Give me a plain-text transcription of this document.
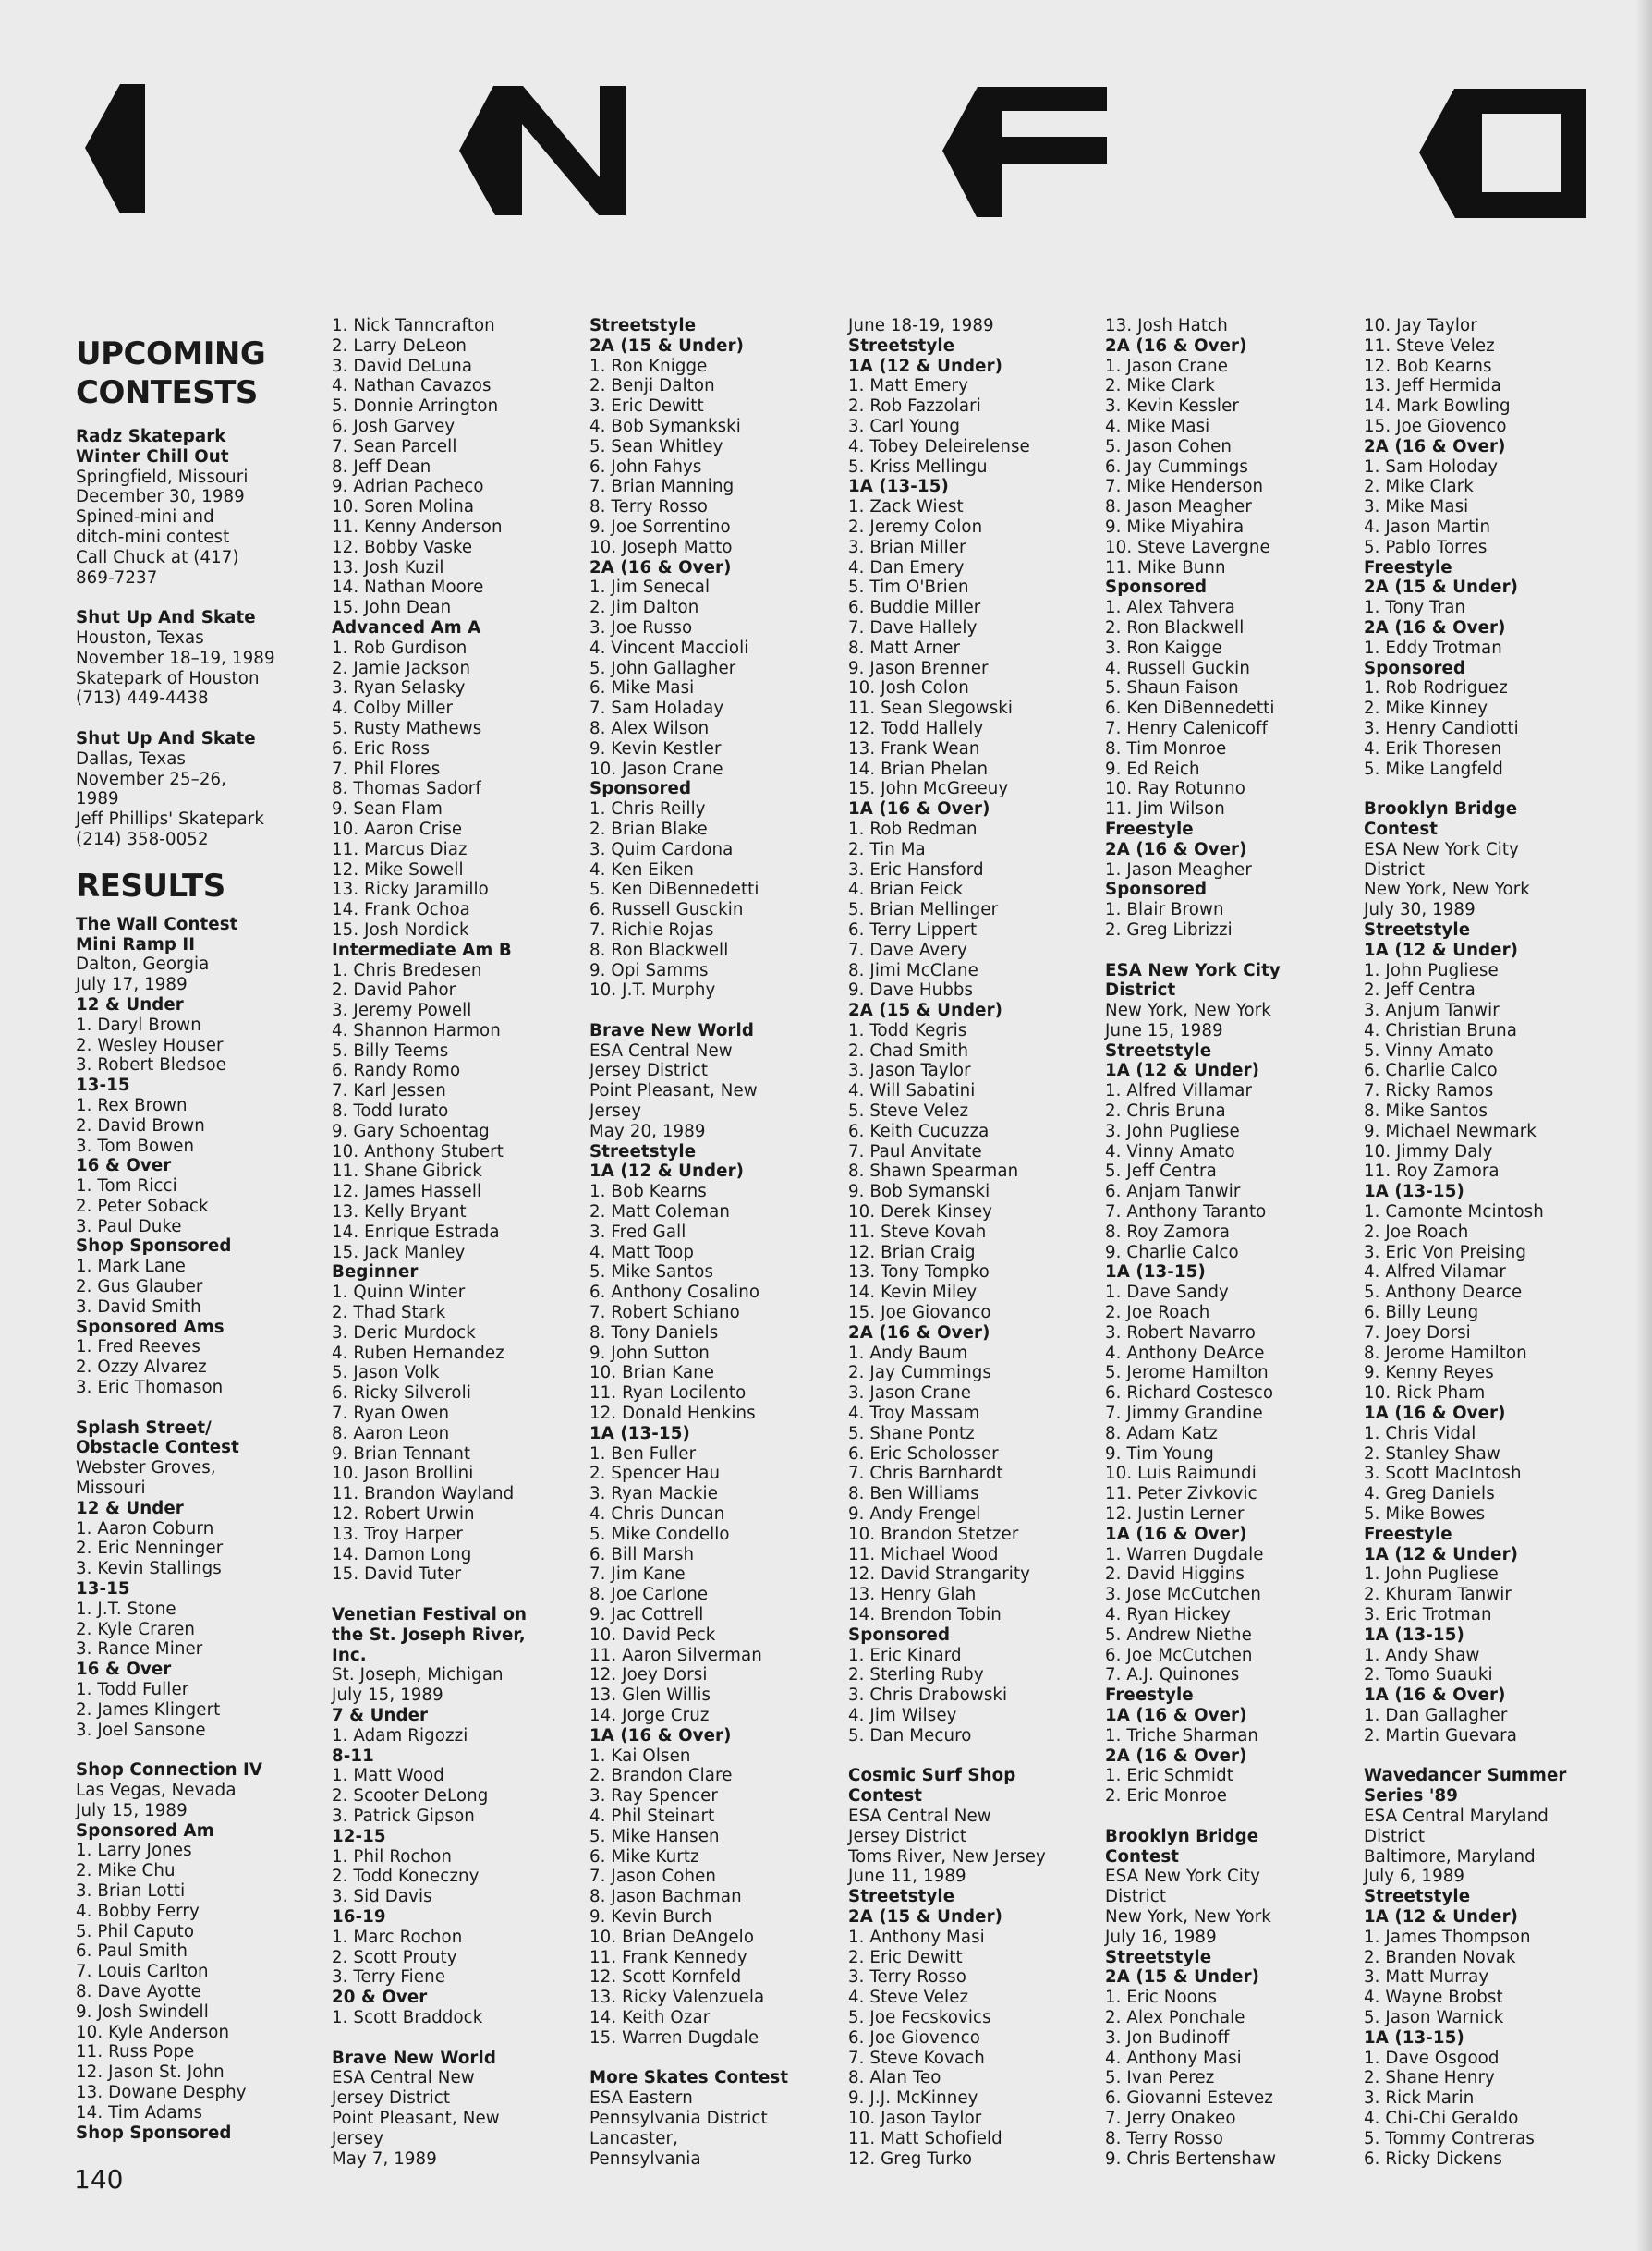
UPCOMING
CONTESTS
Radz Skatepark
Winter Chill Out
Springfield, Missouri
December 30, 1989
Spined-mini and
ditch-mini contest
Call Chuck at (417)
869-7237
Shut Up And Skate
Houston, Texas
November 18–19, 1989
Skatepark of Houston
(713) 449-4438
Shut Up And Skate
Dallas, Texas
November 25–26,
1989
Jeff Phillips' Skatepark
(214) 358-0052
RESULTS
The Wall Contest
Mini Ramp II
Dalton, Georgia
July 17, 1989
12 & Under
1. Daryl Brown
2. Wesley Houser
3. Robert Bledsoe
13-15
1. Rex Brown
2. David Brown
3. Tom Bowen
16 & Over
1. Tom Ricci
2. Peter Soback
3. Paul Duke
Shop Sponsored
1. Mark Lane
2. Gus Glauber
3. David Smith
Sponsored Ams
1. Fred Reeves
2. Ozzy Alvarez
3. Eric Thomason
Splash Street/
Obstacle Contest
Webster Groves,
Missouri
12 & Under
1. Aaron Coburn
2. Eric Nenninger
3. Kevin Stallings
13-15
1. J.T. Stone
2. Kyle Craren
3. Rance Miner
16 & Over
1. Todd Fuller
2. James Klingert
3. Joel Sansone
Shop Connection IV
Las Vegas, Nevada
July 15, 1989
Sponsored Am
1. Larry Jones
2. Mike Chu
3. Brian Lotti
4. Bobby Ferry
5. Phil Caputo
6. Paul Smith
7. Louis Carlton
8. Dave Ayotte
9. Josh Swindell
10. Kyle Anderson
11. Russ Pope
12. Jason St. John
13. Dowane Desphy
14. Tim Adams
Shop Sponsored
1. Nick Tanncrafton
2. Larry DeLeon
3. David DeLuna
4. Nathan Cavazos
5. Donnie Arrington
6. Josh Garvey
7. Sean Parcell
8. Jeff Dean
9. Adrian Pacheco
10. Soren Molina
11. Kenny Anderson
12. Bobby Vaske
13. Josh Kuzil
14. Nathan Moore
15. John Dean
Advanced Am A
1. Rob Gurdison
2. Jamie Jackson
3. Ryan Selasky
4. Colby Miller
5. Rusty Mathews
6. Eric Ross
7. Phil Flores
8. Thomas Sadorf
9. Sean Flam
10. Aaron Crise
11. Marcus Diaz
12. Mike Sowell
13. Ricky Jaramillo
14. Frank Ochoa
15. Josh Nordick
Intermediate Am B
1. Chris Bredesen
2. David Pahor
3. Jeremy Powell
4. Shannon Harmon
5. Billy Teems
6. Randy Romo
7. Karl Jessen
8. Todd Iurato
9. Gary Schoentag
10. Anthony Stubert
11. Shane Gibrick
12. James Hassell
13. Kelly Bryant
14. Enrique Estrada
15. Jack Manley
Beginner
1. Quinn Winter
2. Thad Stark
3. Deric Murdock
4. Ruben Hernandez
5. Jason Volk
6. Ricky Silveroli
7. Ryan Owen
8. Aaron Leon
9. Brian Tennant
10. Jason Brollini
11. Brandon Wayland
12. Robert Urwin
13. Troy Harper
14. Damon Long
15. David Tuter
Venetian Festival on
the St. Joseph River,
Inc.
St. Joseph, Michigan
July 15, 1989
7 & Under
1. Adam Rigozzi
8-11
1. Matt Wood
2. Scooter DeLong
3. Patrick Gipson
12-15
1. Phil Rochon
2. Todd Koneczny
3. Sid Davis
16-19
1. Marc Rochon
2. Scott Prouty
3. Terry Fiene
20 & Over
1. Scott Braddock
Brave New World
ESA Central New
Jersey District
Point Pleasant, New
Jersey
May 7, 1989
Streetstyle
2A (15 & Under)
1. Ron Knigge
2. Benji Dalton
3. Eric Dewitt
4. Bob Symankski
5. Sean Whitley
6. John Fahys
7. Brian Manning
8. Terry Rosso
9. Joe Sorrentino
10. Joseph Matto
2A (16 & Over)
1. Jim Senecal
2. Jim Dalton
3. Joe Russo
4. Vincent Maccioli
5. John Gallagher
6. Mike Masi
7. Sam Holaday
8. Alex Wilson
9. Kevin Kestler
10. Jason Crane
Sponsored
1. Chris Reilly
2. Brian Blake
3. Quim Cardona
4. Ken Eiken
5. Ken DiBennedetti
6. Russell Gusckin
7. Richie Rojas
8. Ron Blackwell
9. Opi Samms
10. J.T. Murphy
Brave New World
ESA Central New
Jersey District
Point Pleasant, New
Jersey
May 20, 1989
Streetstyle
1A (12 & Under)
1. Bob Kearns
2. Matt Coleman
3. Fred Gall
4. Matt Toop
5. Mike Santos
6. Anthony Cosalino
7. Robert Schiano
8. Tony Daniels
9. John Sutton
10. Brian Kane
11. Ryan Locilento
12. Donald Henkins
1A (13-15)
1. Ben Fuller
2. Spencer Hau
3. Ryan Mackie
4. Chris Duncan
5. Mike Condello
6. Bill Marsh
7. Jim Kane
8. Joe Carlone
9. Jac Cottrell
10. David Peck
11. Aaron Silverman
12. Joey Dorsi
13. Glen Willis
14. Jorge Cruz
1A (16 & Over)
1. Kai Olsen
2. Brandon Clare
3. Ray Spencer
4. Phil Steinart
5. Mike Hansen
6. Mike Kurtz
7. Jason Cohen
8. Jason Bachman
9. Kevin Burch
10. Brian DeAngelo
11. Frank Kennedy
12. Scott Kornfeld
13. Ricky Valenzuela
14. Keith Ozar
15. Warren Dugdale
More Skates Contest
ESA Eastern
Pennsylvania District
Lancaster,
Pennsylvania
June 18-19, 1989
Streetstyle
1A (12 & Under)
1. Matt Emery
2. Rob Fazzolari
3. Carl Young
4. Tobey Deleirelense
5. Kriss Mellingu
1A (13-15)
1. Zack Wiest
2. Jeremy Colon
3. Brian Miller
4. Dan Emery
5. Tim O'Brien
6. Buddie Miller
7. Dave Hallely
8. Matt Arner
9. Jason Brenner
10. Josh Colon
11. Sean Slegowski
12. Todd Hallely
13. Frank Wean
14. Brian Phelan
15. John McGreeuy
1A (16 & Over)
1. Rob Redman
2. Tin Ma
3. Eric Hansford
4. Brian Feick
5. Brian Mellinger
6. Terry Lippert
7. Dave Avery
8. Jimi McClane
9. Dave Hubbs
2A (15 & Under)
1. Todd Kegris
2. Chad Smith
3. Jason Taylor
4. Will Sabatini
5. Steve Velez
6. Keith Cucuzza
7. Paul Anvitate
8. Shawn Spearman
9. Bob Symanski
10. Derek Kinsey
11. Steve Kovah
12. Brian Craig
13. Tony Tompko
14. Kevin Miley
15. Joe Giovanco
2A (16 & Over)
1. Andy Baum
2. Jay Cummings
3. Jason Crane
4. Troy Massam
5. Shane Pontz
6. Eric Scholosser
7. Chris Barnhardt
8. Ben Williams
9. Andy Frengel
10. Brandon Stetzer
11. Michael Wood
12. David Strangarity
13. Henry Glah
14. Brendon Tobin
Sponsored
1. Eric Kinard
2. Sterling Ruby
3. Chris Drabowski
4. Jim Wilsey
5. Dan Mecuro
Cosmic Surf Shop
Contest
ESA Central New
Jersey District
Toms River, New Jersey
June 11, 1989
Streetstyle
2A (15 & Under)
1. Anthony Masi
2. Eric Dewitt
3. Terry Rosso
4. Steve Velez
5. Joe Fecskovics
6. Joe Giovenco
7. Steve Kovach
8. Alan Teo
9. J.J. McKinney
10. Jason Taylor
11. Matt Schofield
12. Greg Turko
13. Josh Hatch
2A (16 & Over)
1. Jason Crane
2. Mike Clark
3. Kevin Kessler
4. Mike Masi
5. Jason Cohen
6. Jay Cummings
7. Mike Henderson
8. Jason Meagher
9. Mike Miyahira
10. Steve Lavergne
11. Mike Bunn
Sponsored
1. Alex Tahvera
2. Ron Blackwell
3. Ron Kaigge
4. Russell Guckin
5. Shaun Faison
6. Ken DiBennedetti
7. Henry Calenicoff
8. Tim Monroe
9. Ed Reich
10. Ray Rotunno
11. Jim Wilson
Freestyle
2A (16 & Over)
1. Jason Meagher
Sponsored
1. Blair Brown
2. Greg Librizzi
ESA New York City
District
New York, New York
June 15, 1989
Streetstyle
1A (12 & Under)
1. Alfred Villamar
2. Chris Bruna
3. John Pugliese
4. Vinny Amato
5. Jeff Centra
6. Anjam Tanwir
7. Anthony Taranto
8. Roy Zamora
9. Charlie Calco
1A (13-15)
1. Dave Sandy
2. Joe Roach
3. Robert Navarro
4. Anthony DeArce
5. Jerome Hamilton
6. Richard Costesco
7. Jimmy Grandine
8. Adam Katz
9. Tim Young
10. Luis Raimundi
11. Peter Zivkovic
12. Justin Lerner
1A (16 & Over)
1. Warren Dugdale
2. David Higgins
3. Jose McCutchen
4. Ryan Hickey
5. Andrew Niethe
6. Joe McCutchen
7. A.J. Quinones
Freestyle
1A (16 & Over)
1. Triche Sharman
2A (16 & Over)
1. Eric Schmidt
2. Eric Monroe
Brooklyn Bridge
Contest
ESA New York City
District
New York, New York
July 16, 1989
Streetstyle
2A (15 & Under)
1. Eric Noons
2. Alex Ponchale
3. Jon Budinoff
4. Anthony Masi
5. Ivan Perez
6. Giovanni Estevez
7. Jerry Onakeo
8. Terry Rosso
9. Chris Bertenshaw
10. Jay Taylor
11. Steve Velez
12. Bob Kearns
13. Jeff Hermida
14. Mark Bowling
15. Joe Giovenco
2A (16 & Over)
1. Sam Holoday
2. Mike Clark
3. Mike Masi
4. Jason Martin
5. Pablo Torres
Freestyle
2A (15 & Under)
1. Tony Tran
2A (16 & Over)
1. Eddy Trotman
Sponsored
1. Rob Rodriguez
2. Mike Kinney
3. Henry Candiotti
4. Erik Thoresen
5. Mike Langfeld
Brooklyn Bridge
Contest
ESA New York City
District
New York, New York
July 30, 1989
Streetstyle
1A (12 & Under)
1. John Pugliese
2. Jeff Centra
3. Anjum Tanwir
4. Christian Bruna
5. Vinny Amato
6. Charlie Calco
7. Ricky Ramos
8. Mike Santos
9. Michael Newmark
10. Jimmy Daly
11. Roy Zamora
1A (13-15)
1. Camonte Mcintosh
2. Joe Roach
3. Eric Von Preising
4. Alfred Vilamar
5. Anthony Dearce
6. Billy Leung
7. Joey Dorsi
8. Jerome Hamilton
9. Kenny Reyes
10. Rick Pham
1A (16 & Over)
1. Chris Vidal
2. Stanley Shaw
3. Scott MacIntosh
4. Greg Daniels
5. Mike Bowes
Freestyle
1A (12 & Under)
1. John Pugliese
2. Khuram Tanwir
3. Eric Trotman
1A (13-15)
1. Andy Shaw
2. Tomo Suauki
1A (16 & Over)
1. Dan Gallagher
2. Martin Guevara
Wavedancer Summer
Series '89
ESA Central Maryland
District
Baltimore, Maryland
July 6, 1989
Streetstyle
1A (12 & Under)
1. James Thompson
2. Branden Novak
3. Matt Murray
4. Wayne Brobst
5. Jason Warnick
1A (13-15)
1. Dave Osgood
2. Shane Henry
3. Rick Marin
4. Chi-Chi Geraldo
5. Tommy Contreras
6. Ricky Dickens
140
